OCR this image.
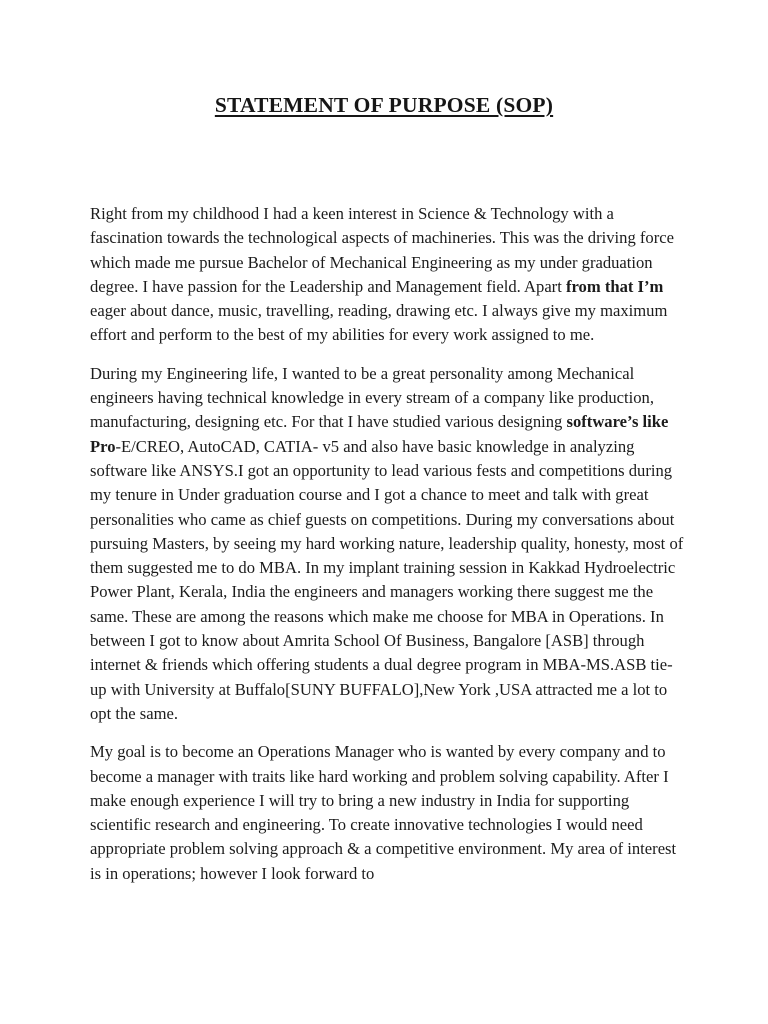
STATEMENT OF PURPOSE (SOP)

Right from my childhood I had a keen interest in Science & Technology with a fascination towards the technological aspects of machineries. This was the driving force which made me pursue Bachelor of Mechanical Engineering as my under graduation degree. I have passion for the Leadership and Management field. Apart from that I’m eager about dance, music, travelling, reading, drawing etc. I always give my maximum effort and perform to the best of my abilities for every work assigned to me.

During my Engineering life, I wanted to be a great personality among Mechanical engineers having technical knowledge in every stream of a company like production, manufacturing, designing etc. For that I have studied various designing software’s like Pro-E/CREO, AutoCAD, CATIA- v5 and also have basic knowledge in analyzing software like ANSYS.I got an opportunity to lead various fests and competitions during my tenure in Under graduation course and I got a chance to meet and talk with great personalities who came as chief guests on competitions. During my conversations about pursuing Masters, by seeing my hard working nature, leadership quality, honesty, most of them suggested me to do MBA. In my implant training session in Kakkad Hydroelectric Power Plant, Kerala, India the engineers and managers working there suggest me the same. These are among the reasons which make me choose for MBA in Operations. In between I got to know about Amrita School Of Business, Bangalore [ASB] through internet & friends which offering students a dual degree program in MBA-MS.ASB tie-up with University at Buffalo[SUNY BUFFALO],New York ,USA attracted me a lot to opt the same.

My goal is to become an Operations Manager who is wanted by every company and to become a manager with traits like hard working and problem solving capability. After I make enough experience I will try to bring a new industry in India for supporting scientific research and engineering. To create innovative technologies I would need appropriate problem solving approach & a competitive environment. My area of interest is in operations; however I look forward to
